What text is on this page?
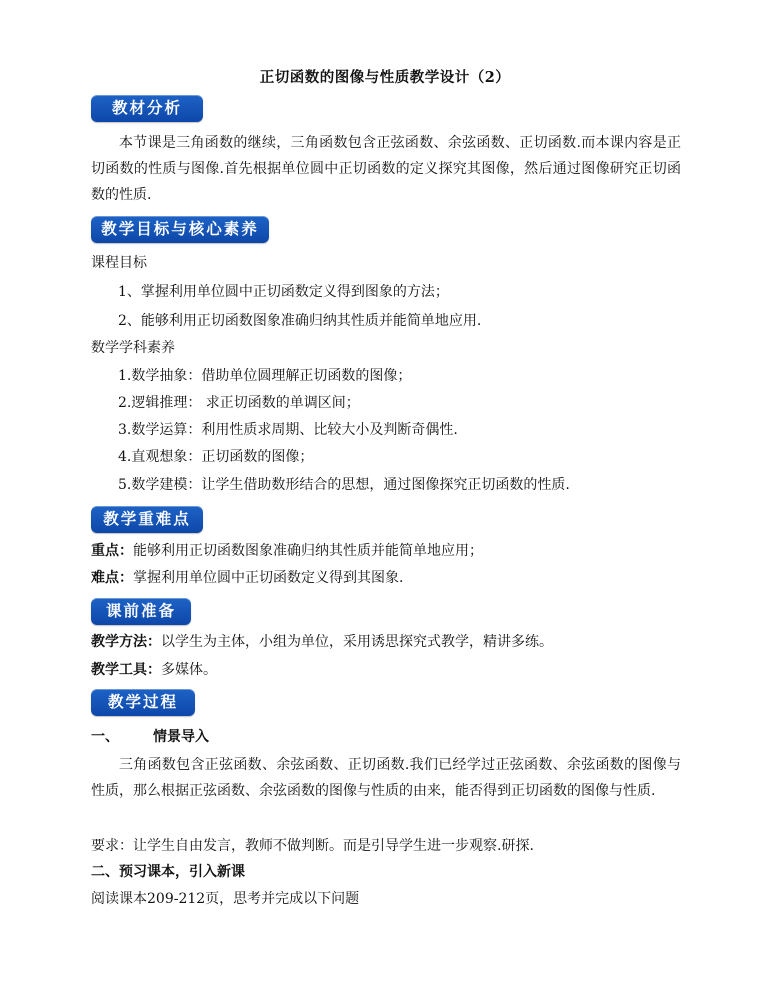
正切函数的图像与性质教学设计（2）
教材分析
本节课是三角函数的继续，三角函数包含正弦函数、余弦函数、正切函数.而本课内容是正切函数的性质与图像.首先根据单位圆中正切函数的定义探究其图像，然后通过图像研究正切函数的性质.
教学目标与核心素养
课程目标
1、掌握利用单位圆中正切函数定义得到图象的方法；
2、能够利用正切函数图象准确归纳其性质并能简单地应用.
数学学科素养
1.数学抽象：借助单位圆理解正切函数的图像；
2.逻辑推理： 求正切函数的单调区间；
3.数学运算：利用性质求周期、比较大小及判断奇偶性.
4.直观想象：正切函数的图像；
5.数学建模：让学生借助数形结合的思想，通过图像探究正切函数的性质.
教学重难点
重点：能够利用正切函数图象准确归纳其性质并能简单地应用；
难点：掌握利用单位圆中正切函数定义得到其图象.
课前准备
教学方法：以学生为主体，小组为单位，采用诱思探究式教学，精讲多练。
教学工具：多媒体。
教学过程
一、 情景导入
三角函数包含正弦函数、余弦函数、正切函数.我们已经学过正弦函数、余弦函数的图像与性质，那么根据正弦函数、余弦函数的图像与性质的由来，能否得到正切函数的图像与性质.
要求：让学生自由发言，教师不做判断。而是引导学生进一步观察.研探.
二、预习课本，引入新课
阅读课本209-212页，思考并完成以下问题
